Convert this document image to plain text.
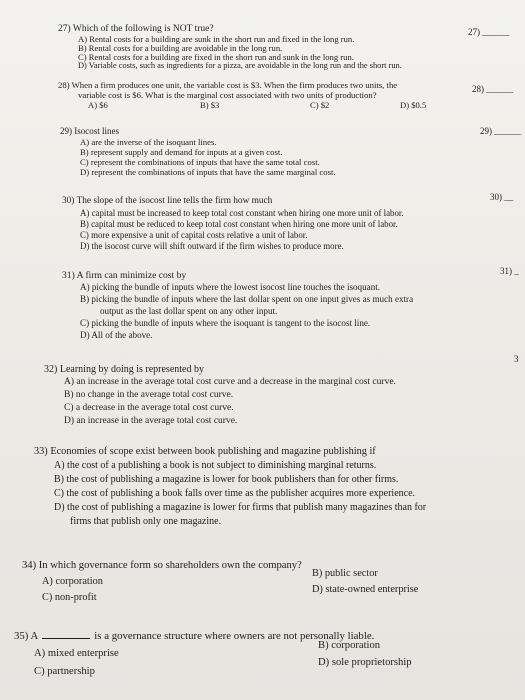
27) Which of the following is NOT true?
A) Rental costs for a building are sunk in the short run and fixed in the long run.
B) Rental costs for a building are avoidable in the long run.
C) Rental costs for a building are fixed in the short run and sunk in the long run.
D) Variable costs, such as ingredients for a pizza, are avoidable in the long run and the short run.
27) ______
28) When a firm produces one unit, the variable cost is $3. When the firm produces two units, the
variable cost is $6. What is the marginal cost associated with two units of production?
A) $6	B) $3	C) $2	D) $0.5
28) ______
29) Isocost lines
A) are the inverse of the isoquant lines.
B) represent supply and demand for inputs at a given cost.
C) represent the combinations of inputs that have the same total cost.
D) represent the combinations of inputs that have the same marginal cost.
29) ______
30) The slope of the isocost line tells the firm how much
A) capital must be increased to keep total cost constant when hiring one more unit of labor.
B) capital must be reduced to keep total cost constant when hiring one more unit of labor.
C) more expensive a unit of capital costs relative a unit of labor.
D) the isocost curve will shift outward if the firm wishes to produce more.
30) __
31) A firm can minimize cost by
A) picking the bundle of inputs where the lowest isocost line touches the isoquant.
B) picking the bundle of inputs where the last dollar spent on one input gives as much extra
output as the last dollar spent on any other input.
C) picking the bundle of inputs where the isoquant is tangent to the isocost line.
D) All of the above.
31) _
32) Learning by doing is represented by
A) an increase in the average total cost curve and a decrease in the marginal cost curve.
B) no change in the average total cost curve.
C) a decrease in the average total cost curve.
D) an increase in the average total cost curve.
3
33) Economies of scope exist between book publishing and magazine publishing if
A) the cost of a publishing a book is not subject to diminishing marginal returns.
B) the cost of publishing a magazine is lower for book publishers than for other firms.
C) the cost of publishing a book falls over time as the publisher acquires more experience.
D) the cost of publishing a magazine is lower for firms that publish many magazines than for
firms that publish only one magazine.
34) In which governance form so shareholders own the company?
A) corporation
B) public sector
C) non-profit
D) state-owned enterprise
35) A	is a governance structure where owners are not personally liable.
A) mixed enterprise
B) corporation
C) partnership
D) sole proprietorship
